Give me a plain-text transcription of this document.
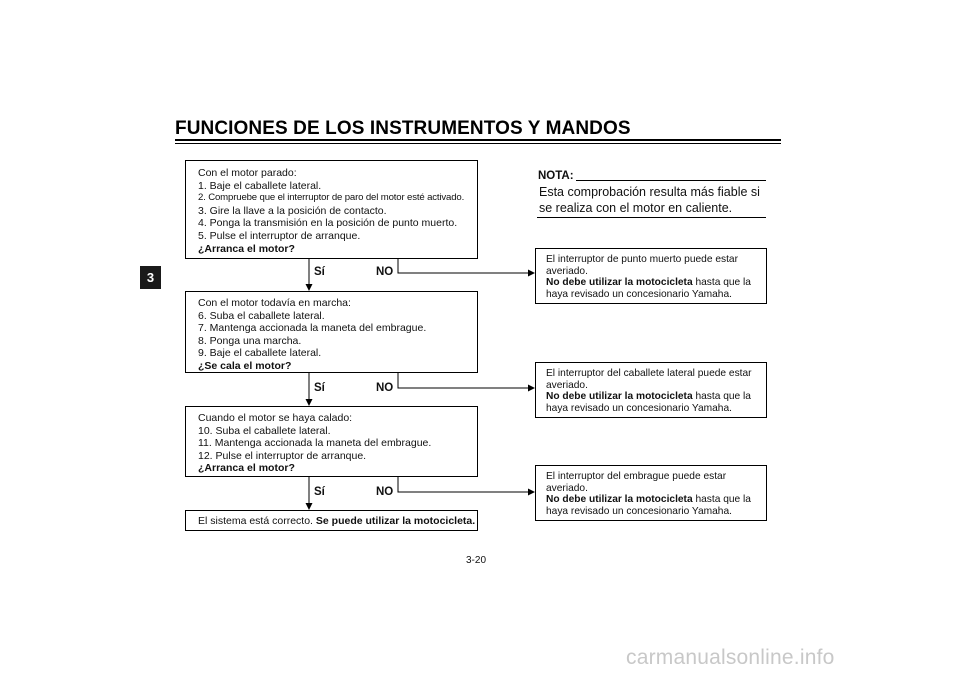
FUNCIONES DE LOS INSTRUMENTOS Y MANDOS
3
Con el motor parado:
1. Baje el caballete lateral.
2. Compruebe que el interruptor de paro del motor esté activado.
3. Gire la llave a la posición de contacto.
4. Ponga la transmisión en la posición de punto muerto.
5. Pulse el interruptor de arranque.
¿Arranca el motor?
Con el motor todavía en marcha:
6. Suba el caballete lateral.
7. Mantenga accionada la maneta del embrague.
8. Ponga una marcha.
9. Baje el caballete lateral.
¿Se cala el motor?
Cuando el motor se haya calado:
10. Suba el caballete lateral.
11. Mantenga accionada la maneta del embrague.
12. Pulse el interruptor de arranque.
¿Arranca el motor?
El sistema está correcto. Se puede utilizar la motocicleta.
Sí	NO
Sí	NO
Sí	NO
NOTA:
Esta comprobación resulta más fiable si se realiza con el motor en caliente.
El interruptor de punto muerto puede estar
averiado.
No debe utilizar la motocicleta hasta que la
haya revisado un concesionario Yamaha.
El interruptor del caballete lateral puede estar
averiado.
No debe utilizar la motocicleta hasta que la
haya revisado un concesionario Yamaha.
El interruptor del embrague puede estar
averiado.
No debe utilizar la motocicleta hasta que la
haya revisado un concesionario Yamaha.
3-20
carmanualsonline.info
